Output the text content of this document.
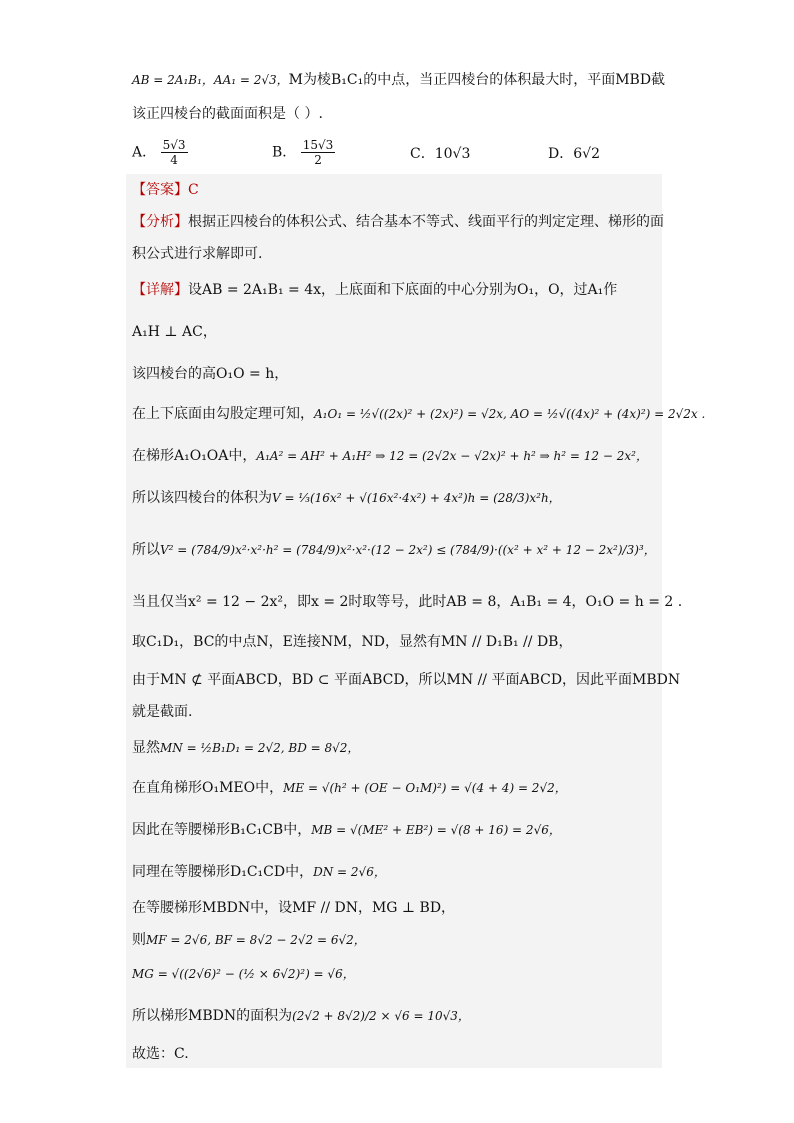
AB = 2A₁B₁，AA₁ = 2√3，M为棱B₁C₁的中点，当正四棱台的体积最大时，平面MBD截
该正四棱台的截面面积是（ ）.
A． $\frac{5√3}{4}$	B． $\frac{15√3}{2}$	C．10√3	D．6√2
【答案】C
【分析】根据正四棱台的体积公式、结合基本不等式、线面平行的判定定理、梯形的面
积公式进行求解即可.
【详解】设AB = 2A₁B₁ = 4x，上底面和下底面的中心分别为O₁，O，过A₁作
A₁H ⊥ AC，
该四棱台的高O₁O = h，
在上下底面由勾股定理可知，A₁O₁ = ½√((2x)² + (2x)²) = √2x, AO = ½√((4x)² + (4x)²) = 2√2x .
在梯形A₁O₁OA中，A₁A² = AH² + A₁H² ⇒ 12 = (2√2x − √2x)² + h² ⇒ h² = 12 − 2x²，
所以该四棱台的体积为V = ⅓(16x² + √(16x²·4x²) + 4x²)h = (28/3)x²h，
所以V² = (784/9)x²·x²·h² = (784/9)x²·x²·(12 − 2x²) ≤ (784/9)·((x² + x² + 12 − 2x²)/3)³，
当且仅当x² = 12 − 2x²，即x = 2时取等号，此时AB = 8，A₁B₁ = 4，O₁O = h = 2 .
取C₁D₁，BC的中点N，E连接NM，ND，显然有MN // D₁B₁ // DB，
由于MN ⊄ 平面ABCD，BD ⊂ 平面ABCD，所以MN // 平面ABCD，因此平面MBDN
就是截面.
显然MN = ½B₁D₁ = 2√2, BD = 8√2，
在直角梯形O₁MEO中，ME = √(h² + (OE − O₁M)²) = √(4 + 4) = 2√2，
因此在等腰梯形B₁C₁CB中，MB = √(ME² + EB²) = √(8 + 16) = 2√6，
同理在等腰梯形D₁C₁CD中，DN = 2√6，
在等腰梯形MBDN中，设MF // DN，MG ⊥ BD，
则MF = 2√6, BF = 8√2 − 2√2 = 6√2，
MG = √((2√6)² − (½ × 6√2)²) = √6，
所以梯形MBDN的面积为(2√2 + 8√2)/2 × √6 = 10√3，
故选：C.
